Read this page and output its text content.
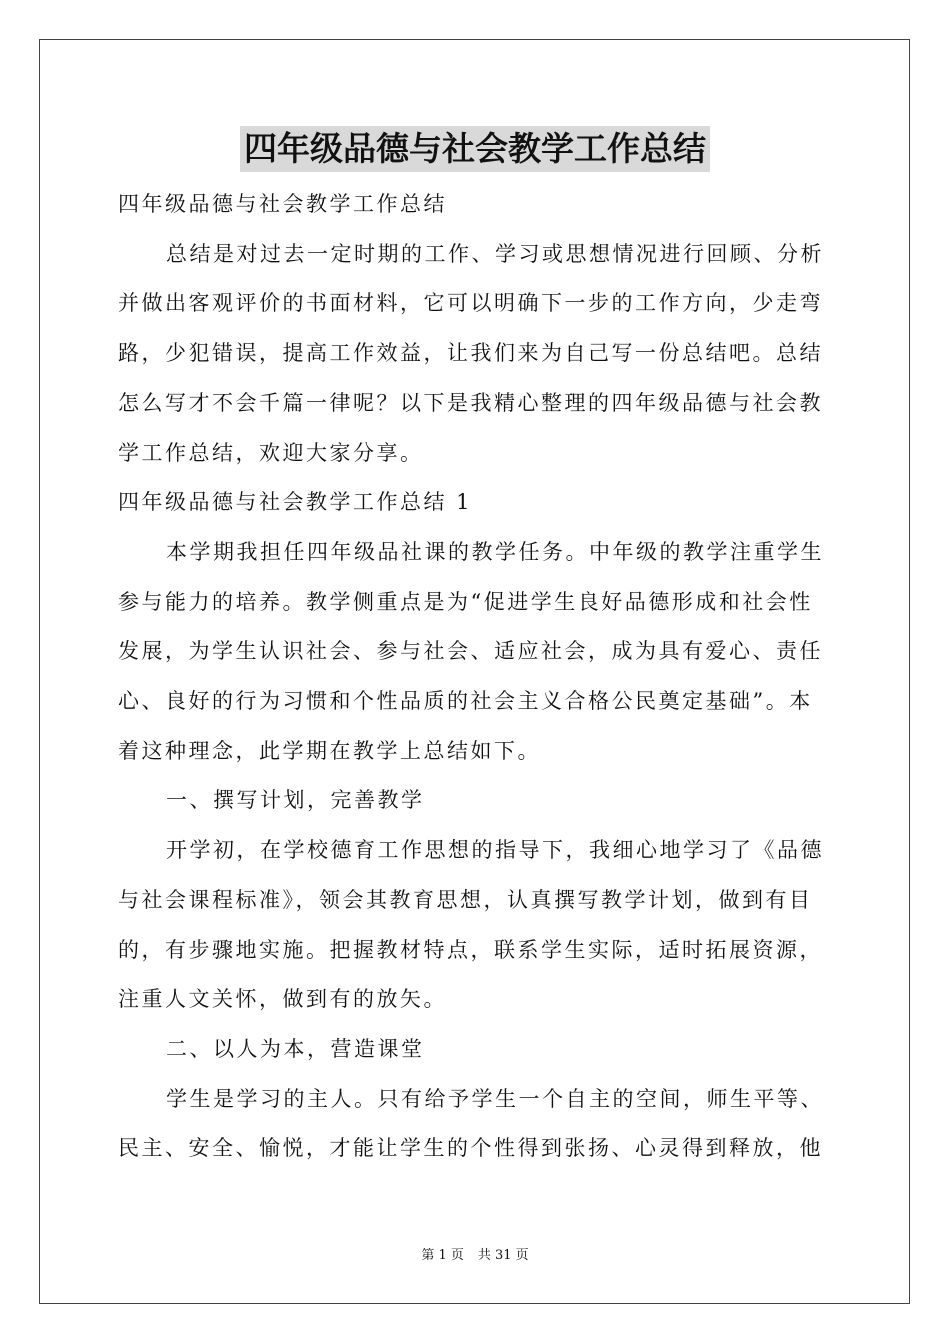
四年级品德与社会教学工作总结

四年级品德与社会教学工作总结

总结是对过去一定时期的工作、学习或思想情况进行回顾、分析

并做出客观评价的书面材料，它可以明确下一步的工作方向，少走弯

路，少犯错误，提高工作效益，让我们来为自己写一份总结吧。总结

怎么写才不会千篇一律呢？以下是我精心整理的四年级品德与社会教

学工作总结，欢迎大家分享。

四年级品德与社会教学工作总结 1

本学期我担任四年级品社课的教学任务。中年级的教学注重学生

参与能力的培养。教学侧重点是为“促进学生良好品德形成和社会性

发展，为学生认识社会、参与社会、适应社会，成为具有爱心、责任

心、良好的行为习惯和个性品质的社会主义合格公民奠定基础”。本

着这种理念，此学期在教学上总结如下。

一、撰写计划，完善教学

开学初，在学校德育工作思想的指导下，我细心地学习了《品德

与社会课程标准》，领会其教育思想，认真撰写教学计划，做到有目

的，有步骤地实施。把握教材特点，联系学生实际，适时拓展资源，

注重人文关怀，做到有的放矢。

二、以人为本，营造课堂

学生是学习的主人。只有给予学生一个自主的空间，师生平等、

民主、安全、愉悦，才能让学生的个性得到张扬、心灵得到释放，他

第 1 页 共 31 页
